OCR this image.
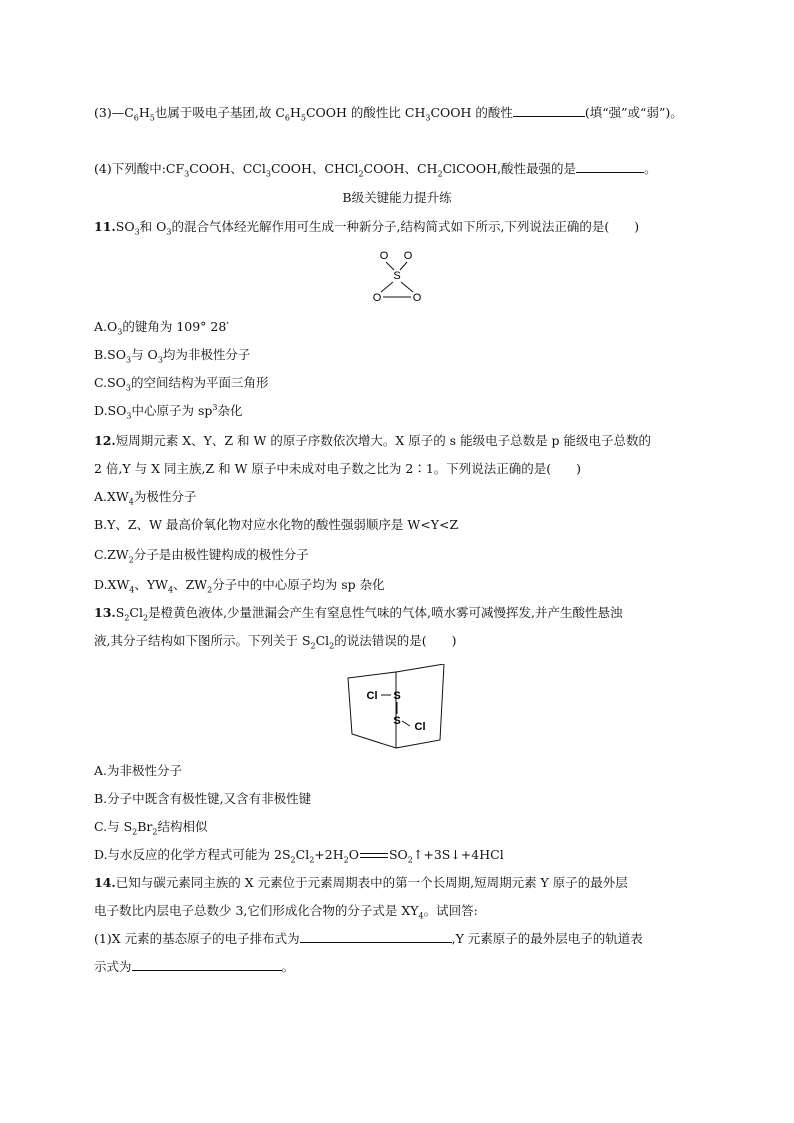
$(3)—C_6H_5$也属于吸电子基团,故 $C_6H_5COOH$ 的酸性比 $CH_3COOH$ 的酸性	(填“强”或“弱”)。
(4)下列酸中$:CF_3COOH$、CCl$_3$COOH、CHCl$_2$COOH、$CH_2ClCOOH$,酸性最强的是	。
B级关键能力提升练
$11.SO_3$和 $O_3$的混合气体经光解作用可生成一种新分子,结构简式如下所示,下列说法正确的是(　　)
O O
S
O	O
$A.O_3$的键角为 109° 28′
$B.SO_3$与 $O_3$均为非极性分子
$C.SO_3$的空间结构为平面三角形
$D.SO_3$中心原子为 $sp^3$杂化
12.短周期元素 X、Y、Z 和 W 的原子序数依次增大。X 原子的 s 能级电子总数是 p 能级电子总数的
2 倍,Y 与 X 同主族,Z 和 W 原子中未成对电子数之比为 2∶1。下列说法正确的是(　　)
$A.XW_4$为极性分子
B.Y、Z、W 最高价氧化物对应水化物的酸性强弱顺序是 W<Y<Z
$C.ZW_2$分子是由极性键构成的极性分子
$D.XW_4$、$YW_4$、$ZW_2$分子中的中心原子均为 sp 杂化
$13.S_2Cl_2$是橙黄色液体,少量泄漏会产生有窒息性气味的气体,喷水雾可减慢挥发,并产生酸性悬浊
液,其分子结构如下图所示。下列关于 $S_2Cl_2$的说法错误的是(　　)
Cl S
S Cl
A.为非极性分子
B.分子中既含有极性键,又含有非极性键
C.与 $S_2Br_2$结构相似
D.与水反应的化学方程式可能为 $2S_2Cl_2+2H_2O$ $SO_2↑+3S↓+4HCl$
14.已知与碳元素同主族的 X 元素位于元素周期表中的第一个长周期,短周期元素 Y 原子的最外层
电子数比内层电子总数少 3,它们形成化合物的分子式是 $XY_4$。试回答:
(1)X 元素的基态原子的电子排布式为	,Y 元素原子的最外层电子的轨道表
示式为	。
